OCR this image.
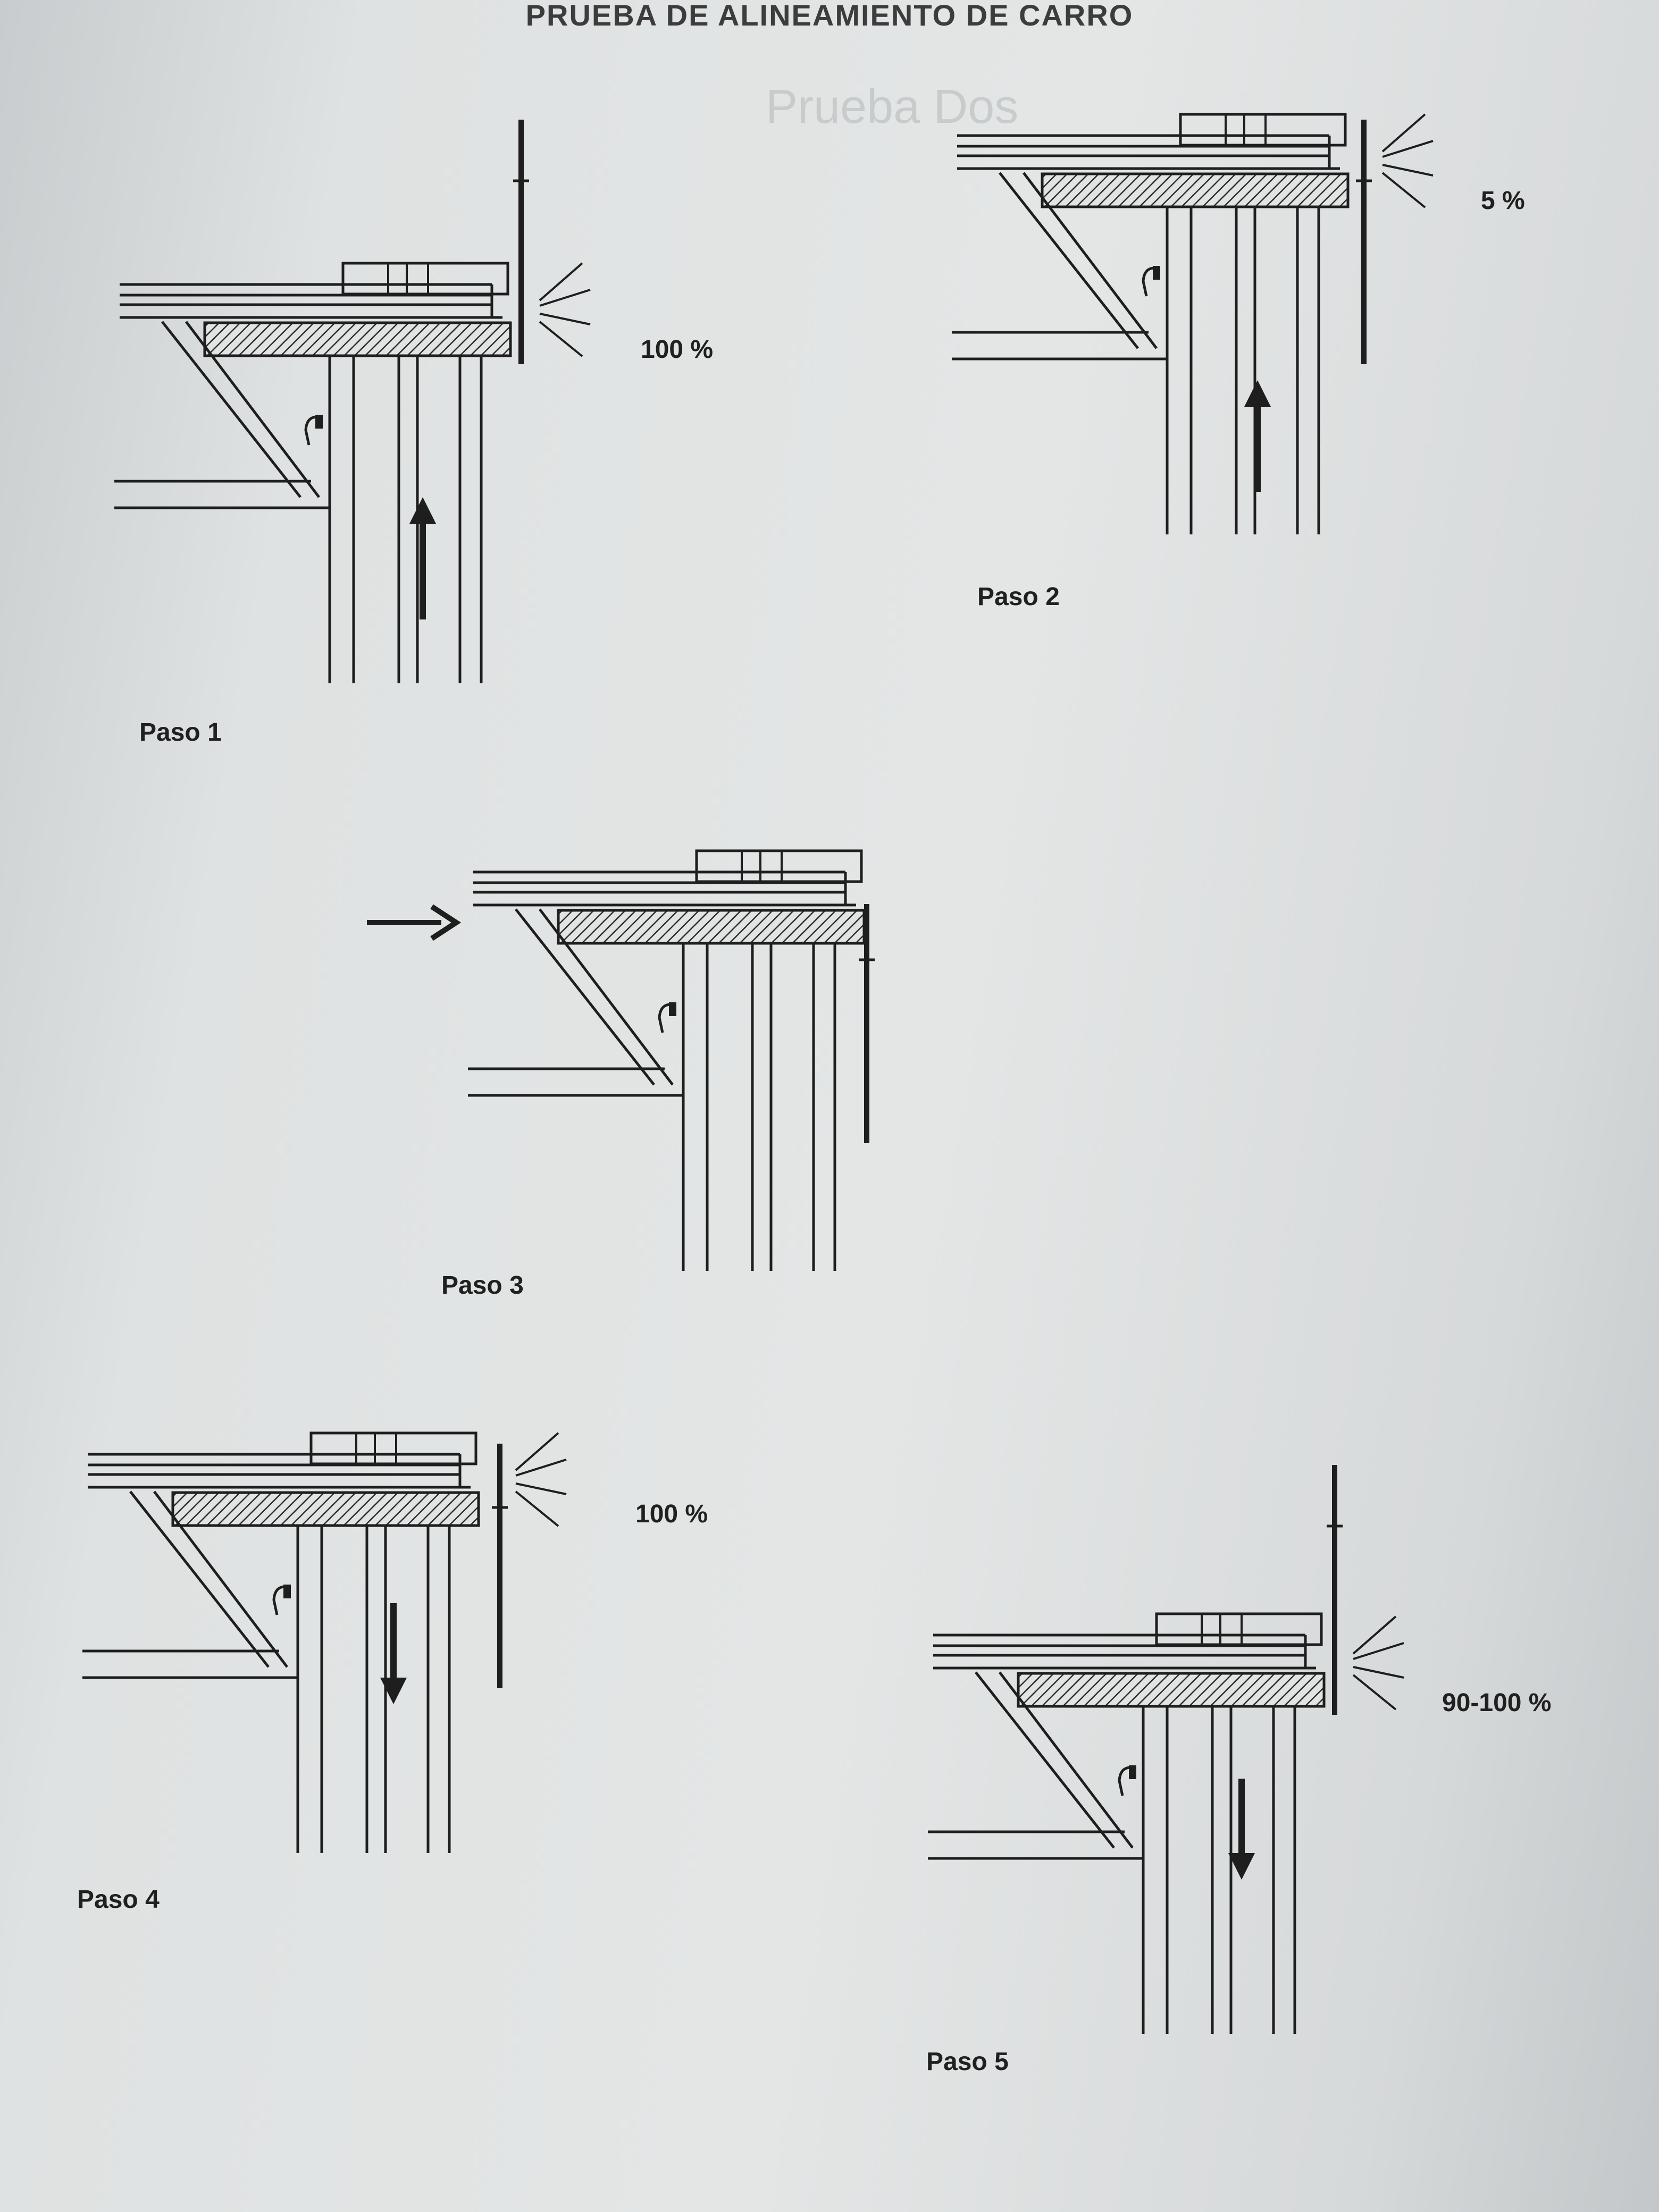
Prueba Dos

PRUEBA DE ALINEAMIENTO DE CARRO

Paso 1

100 %

Paso 2

5 %

Paso 3

Paso 4

100 %

Paso 5

90-100 %
